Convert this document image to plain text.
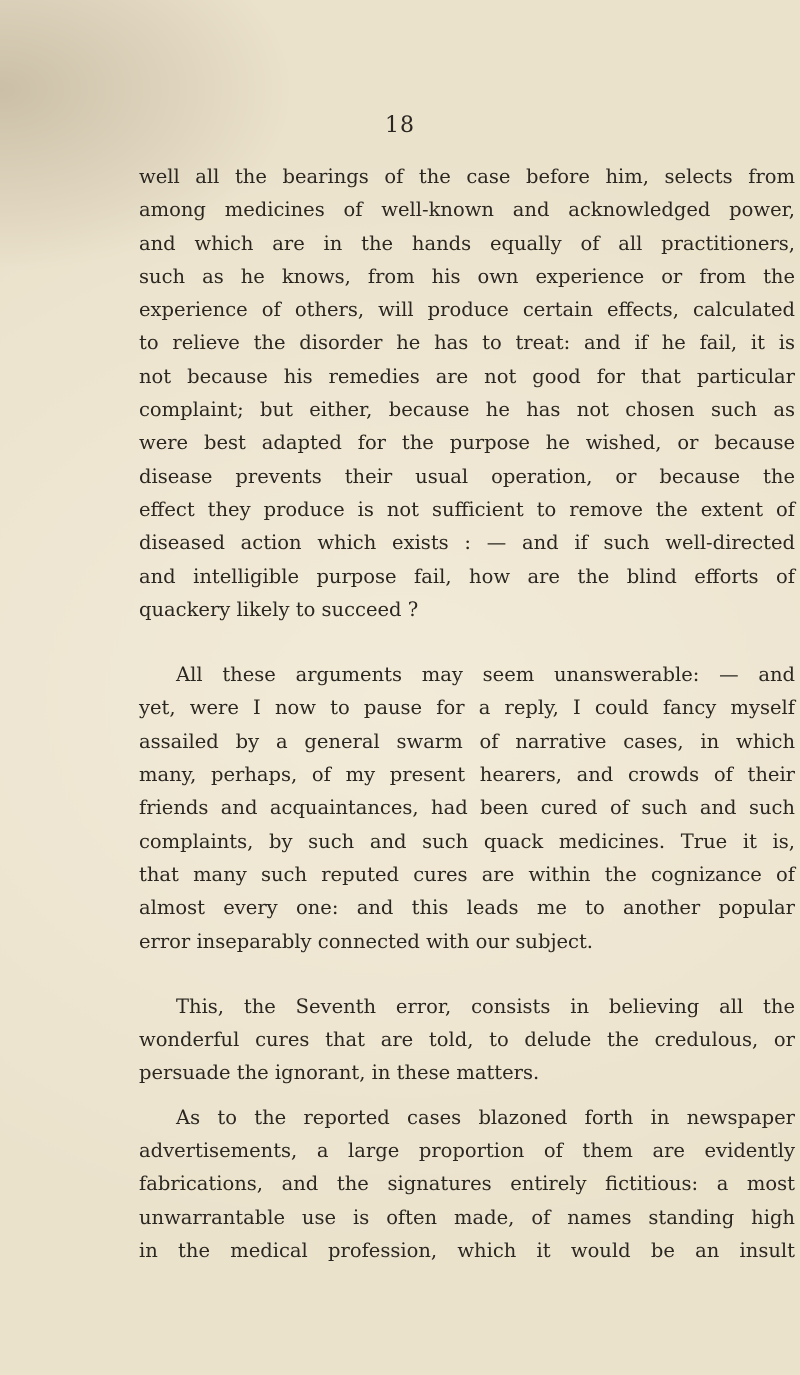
18
well all the bearings of the case before him, selects from
among medicines of well-known and acknowledged power,
and which are in the hands equally of all practitioners,
such as he knows, from his own experience or from the
experience of others, will produce certain effects, calculated
to relieve the disorder he has to treat: and if he fail, it is
not because his remedies are not good for that particular
complaint; but either, because he has not chosen such as
were best adapted for the purpose he wished, or because
disease prevents their usual operation, or because the
effect they produce is not sufficient to remove the extent of
diseased action which exists : — and if such well-directed
and intelligible purpose fail, how are the blind efforts of
quackery likely to succeed ?
All these arguments may seem unanswerable: — and
yet, were I now to pause for a reply, I could fancy myself
assailed by a general swarm of narrative cases, in which
many, perhaps, of my present hearers, and crowds of their
friends and acquaintances, had been cured of such and such
complaints, by such and such quack medicines. True it is,
that many such reputed cures are within the cognizance of
almost every one: and this leads me to another popular
error inseparably connected with our subject.
This, the Seventh error, consists in believing all the
wonderful cures that are told, to delude the credulous, or
persuade the ignorant, in these matters.
As to the reported cases blazoned forth in newspaper
advertisements, a large proportion of them are evidently
fabrications, and the signatures entirely fictitious: a most
unwarrantable use is often made, of names standing high
in the medical profession, which it would be an insult
